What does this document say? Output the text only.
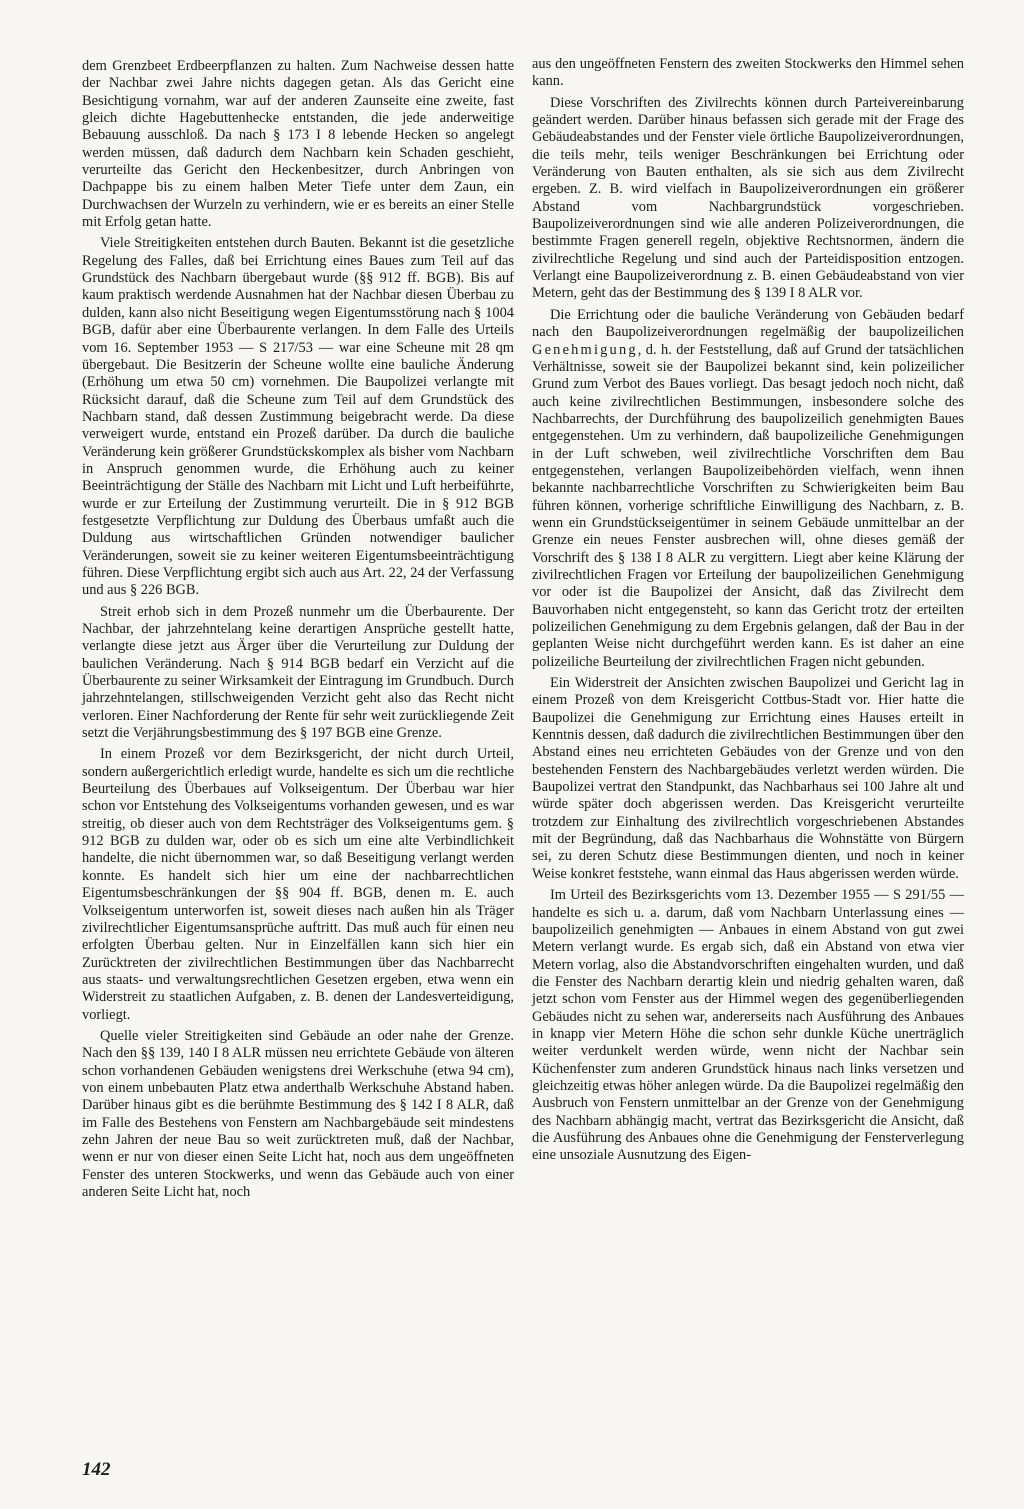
dem Grenzbeet Erdbeerpflanzen zu halten. Zum Nachweise dessen hatte der Nachbar zwei Jahre nichts dagegen getan. Als das Gericht eine Besichtigung vornahm, war auf der anderen Zaunseite eine zweite, fast gleich dichte Hagebuttenhecke entstanden, die jede anderweitige Bebauung ausschloß. Da nach § 173 I 8 lebende Hecken so angelegt werden müssen, daß dadurch dem Nachbarn kein Schaden geschieht, verurteilte das Gericht den Heckenbesitzer, durch Anbringen von Dachpappe bis zu einem halben Meter Tiefe unter dem Zaun, ein Durchwachsen der Wurzeln zu verhindern, wie er es bereits an einer Stelle mit Erfolg getan hatte.

Viele Streitigkeiten entstehen durch Bauten. Bekannt ist die gesetzliche Regelung des Falles, daß bei Errichtung eines Baues zum Teil auf das Grundstück des Nachbarn übergebaut wurde (§§ 912 ff. BGB). Bis auf kaum praktisch werdende Ausnahmen hat der Nachbar diesen Überbau zu dulden, kann also nicht Beseitigung wegen Eigentumsstörung nach § 1004 BGB, dafür aber eine Überbaurente verlangen. In dem Falle des Urteils vom 16. September 1953 — S 217/53 — war eine Scheune mit 28 qm übergebaut. Die Besitzerin der Scheune wollte eine bauliche Änderung (Erhöhung um etwa 50 cm) vornehmen. Die Baupolizei verlangte mit Rücksicht darauf, daß die Scheune zum Teil auf dem Grundstück des Nachbarn stand, daß dessen Zustimmung beigebracht werde. Da diese verweigert wurde, entstand ein Prozeß darüber. Da durch die bauliche Veränderung kein größerer Grundstückskomplex als bisher vom Nachbarn in Anspruch genommen wurde, die Erhöhung auch zu keiner Beeinträchtigung der Ställe des Nachbarn mit Licht und Luft herbeiführte, wurde er zur Erteilung der Zustimmung verurteilt. Die in § 912 BGB festgesetzte Verpflichtung zur Duldung des Überbaus umfaßt auch die Duldung aus wirtschaftlichen Gründen notwendiger baulicher Veränderungen, soweit sie zu keiner weiteren Eigentumsbeeinträchtigung führen. Diese Verpflichtung ergibt sich auch aus Art. 22, 24 der Verfassung und aus § 226 BGB.

Streit erhob sich in dem Prozeß nunmehr um die Überbaurente. Der Nachbar, der jahrzehntelang keine derartigen Ansprüche gestellt hatte, verlangte diese jetzt aus Ärger über die Verurteilung zur Duldung der baulichen Veränderung. Nach § 914 BGB bedarf ein Verzicht auf die Überbaurente zu seiner Wirksamkeit der Eintragung im Grundbuch. Durch jahrzehntelangen, stillschweigenden Verzicht geht also das Recht nicht verloren. Einer Nachforderung der Rente für sehr weit zurückliegende Zeit setzt die Verjährungsbestimmung des § 197 BGB eine Grenze.

In einem Prozeß vor dem Bezirksgericht, der nicht durch Urteil, sondern außergerichtlich erledigt wurde, handelte es sich um die rechtliche Beurteilung des Überbaues auf Volkseigentum. Der Überbau war hier schon vor Entstehung des Volkseigentums vorhanden gewesen, und es war streitig, ob dieser auch von dem Rechtsträger des Volkseigentums gem. § 912 BGB zu dulden war, oder ob es sich um eine alte Verbindlichkeit handelte, die nicht übernommen war, so daß Beseitigung verlangt werden konnte. Es handelt sich hier um eine der nachbarrechtlichen Eigentumsbeschränkungen der §§ 904 ff. BGB, denen m. E. auch Volkseigentum unterworfen ist, soweit dieses nach außen hin als Träger zivilrechtlicher Eigentumsansprüche auftritt. Das muß auch für einen neu erfolgten Überbau gelten. Nur in Einzelfällen kann sich hier ein Zurücktreten der zivilrechtlichen Bestimmungen über das Nachbarrecht aus staats- und verwaltungsrechtlichen Gesetzen ergeben, etwa wenn ein Widerstreit zu staatlichen Aufgaben, z. B. denen der Landesverteidigung, vorliegt.

Quelle vieler Streitigkeiten sind Gebäude an oder nahe der Grenze. Nach den §§ 139, 140 I 8 ALR müssen neu errichtete Gebäude von älteren schon vorhandenen Gebäuden wenigstens drei Werkschuhe (etwa 94 cm), von einem unbebauten Platz etwa anderthalb Werkschuhe Abstand haben. Darüber hinaus gibt es die berühmte Bestimmung des § 142 I 8 ALR, daß im Falle des Bestehens von Fenstern am Nachbargebäude seit mindestens zehn Jahren der neue Bau so weit zurücktreten muß, daß der Nachbar, wenn er nur von dieser einen Seite Licht hat, noch aus dem ungeöffneten Fenster des unteren Stockwerks, und wenn das Gebäude auch von einer anderen Seite Licht hat, noch

aus den ungeöffneten Fenstern des zweiten Stockwerks den Himmel sehen kann.

Diese Vorschriften des Zivilrechts können durch Parteivereinbarung geändert werden. Darüber hinaus befassen sich gerade mit der Frage des Gebäudeabstandes und der Fenster viele örtliche Baupolizeiverordnungen, die teils mehr, teils weniger Beschränkungen bei Errichtung oder Veränderung von Bauten enthalten, als sie sich aus dem Zivilrecht ergeben. Z. B. wird vielfach in Baupolizeiverordnungen ein größerer Abstand vom Nachbargrundstück vorgeschrieben. Baupolizeiverordnungen sind wie alle anderen Polizeiverordnungen, die bestimmte Fragen generell regeln, objektive Rechtsnormen, ändern die zivilrechtliche Regelung und sind auch der Parteidisposition entzogen. Verlangt eine Baupolizeiverordnung z. B. einen Gebäudeabstand von vier Metern, geht das der Bestimmung des § 139 I 8 ALR vor.

Die Errichtung oder die bauliche Veränderung von Gebäuden bedarf nach den Baupolizeiverordnungen regelmäßig der baupolizeilichen Genehmigung, d. h. der Feststellung, daß auf Grund der tatsächlichen Verhältnisse, soweit sie der Baupolizei bekannt sind, kein polizeilicher Grund zum Verbot des Baues vorliegt. Das besagt jedoch noch nicht, daß auch keine zivilrechtlichen Bestimmungen, insbesondere solche des Nachbarrechts, der Durchführung des baupolizeilich genehmigten Baues entgegenstehen. Um zu verhindern, daß baupolizeiliche Genehmigungen in der Luft schweben, weil zivilrechtliche Vorschriften dem Bau entgegenstehen, verlangen Baupolizeibehörden vielfach, wenn ihnen bekannte nachbarrechtliche Vorschriften zu Schwierigkeiten beim Bau führen können, vorherige schriftliche Einwilligung des Nachbarn, z. B. wenn ein Grundstückseigentümer in seinem Gebäude unmittelbar an der Grenze ein neues Fenster ausbrechen will, ohne dieses gemäß der Vorschrift des § 138 I 8 ALR zu vergittern. Liegt aber keine Klärung der zivilrechtlichen Fragen vor Erteilung der baupolizeilichen Genehmigung vor oder ist die Baupolizei der Ansicht, daß das Zivilrecht dem Bauvorhaben nicht entgegensteht, so kann das Gericht trotz der erteilten polizeilichen Genehmigung zu dem Ergebnis gelangen, daß der Bau in der geplanten Weise nicht durchgeführt werden kann. Es ist daher an eine polizeiliche Beurteilung der zivilrechtlichen Fragen nicht gebunden.

Ein Widerstreit der Ansichten zwischen Baupolizei und Gericht lag in einem Prozeß von dem Kreisgericht Cottbus-Stadt vor. Hier hatte die Baupolizei die Genehmigung zur Errichtung eines Hauses erteilt in Kenntnis dessen, daß dadurch die zivilrechtlichen Bestimmungen über den Abstand eines neu errichteten Gebäudes von der Grenze und von den bestehenden Fenstern des Nachbargebäudes verletzt werden würden. Die Baupolizei vertrat den Standpunkt, das Nachbarhaus sei 100 Jahre alt und würde später doch abgerissen werden. Das Kreisgericht verurteilte trotzdem zur Einhaltung des zivilrechtlich vorgeschriebenen Abstandes mit der Begründung, daß das Nachbarhaus die Wohnstätte von Bürgern sei, zu deren Schutz diese Bestimmungen dienten, und noch in keiner Weise konkret feststehe, wann einmal das Haus abgerissen werden würde.

Im Urteil des Bezirksgerichts vom 13. Dezember 1955 — S 291/55 — handelte es sich u. a. darum, daß vom Nachbarn Unterlassung eines — baupolizeilich genehmigten — Anbaues in einem Abstand von gut zwei Metern verlangt wurde. Es ergab sich, daß ein Abstand von etwa vier Metern vorlag, also die Abstandvorschriften eingehalten wurden, und daß die Fenster des Nachbarn derartig klein und niedrig gehalten waren, daß jetzt schon vom Fenster aus der Himmel wegen des gegenüberliegenden Gebäudes nicht zu sehen war, andererseits nach Ausführung des Anbaues in knapp vier Metern Höhe die schon sehr dunkle Küche unerträglich weiter verdunkelt werden würde, wenn nicht der Nachbar sein Küchenfenster zum anderen Grundstück hinaus nach links versetzen und gleichzeitig etwas höher anlegen würde. Da die Baupolizei regelmäßig den Ausbruch von Fenstern unmittelbar an der Grenze von der Genehmigung des Nachbarn abhängig macht, vertrat das Bezirksgericht die Ansicht, daß die Ausführung des Anbaues ohne die Genehmigung der Fensterverlegung eine unsoziale Ausnutzung des Eigen-

142
